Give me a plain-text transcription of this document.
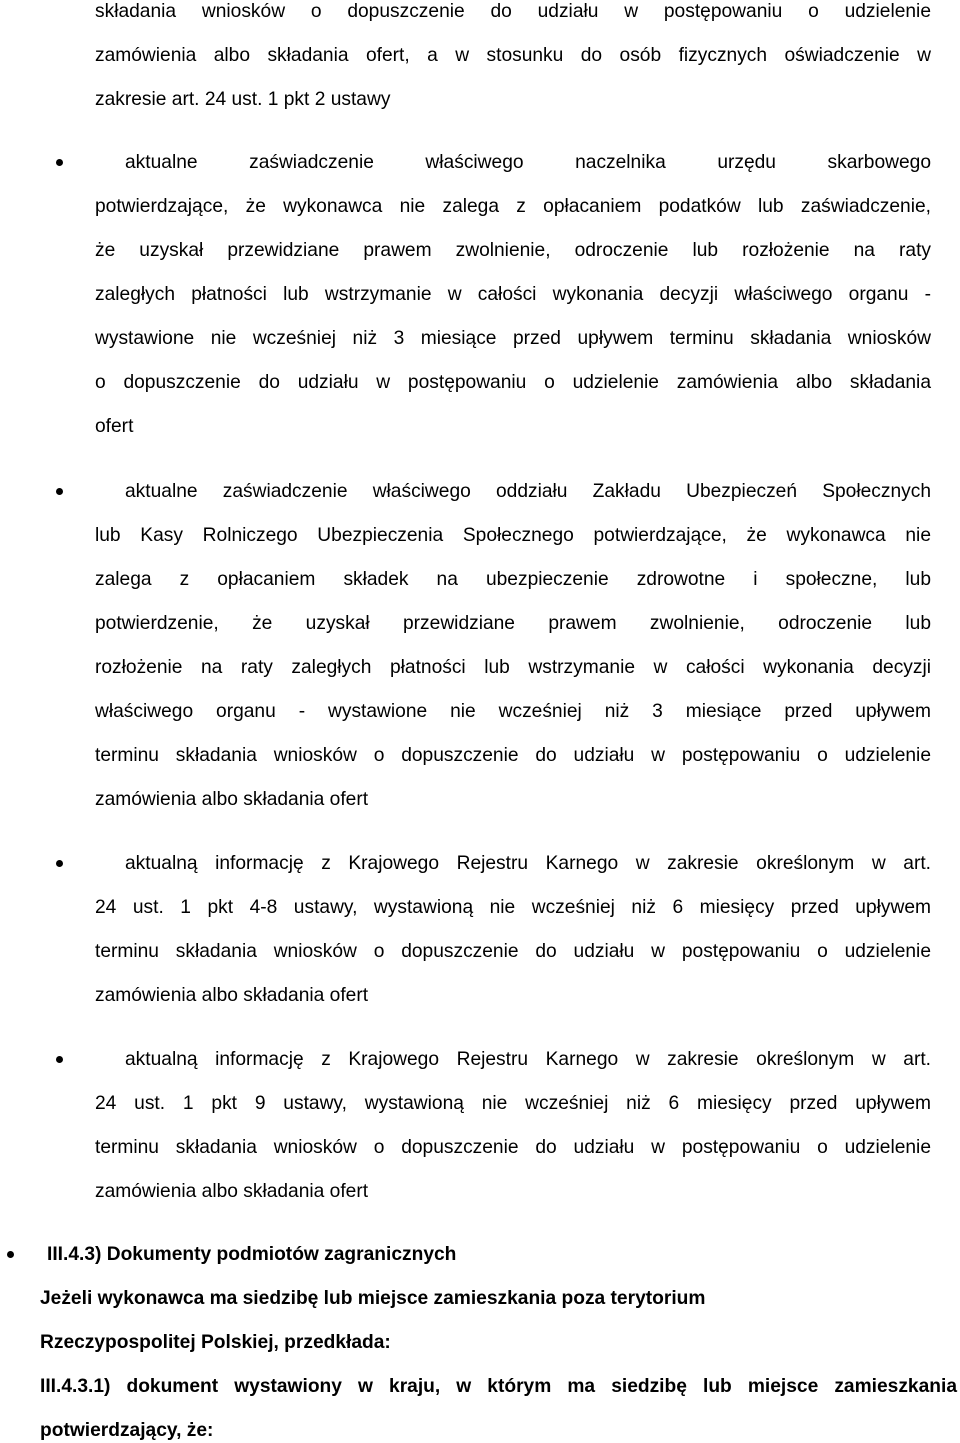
składania wniosków o dopuszczenie do udziału w postępowaniu o udzielenie

zamówienia albo składania ofert, a w stosunku do osób fizycznych oświadczenie w

zakresie art. 24 ust. 1 pkt 2 ustawy

aktualne zaświadczenie właściwego naczelnika urzędu skarbowego

potwierdzające, że wykonawca nie zalega z opłacaniem podatków lub zaświadczenie,

że uzyskał przewidziane prawem zwolnienie, odroczenie lub rozłożenie na raty

zaległych płatności lub wstrzymanie w całości wykonania decyzji właściwego organu -

wystawione nie wcześniej niż 3 miesiące przed upływem terminu składania wniosków

o dopuszczenie do udziału w postępowaniu o udzielenie zamówienia albo składania

ofert

aktualne zaświadczenie właściwego oddziału Zakładu Ubezpieczeń Społecznych

lub Kasy Rolniczego Ubezpieczenia Społecznego potwierdzające, że wykonawca nie

zalega z opłacaniem składek na ubezpieczenie zdrowotne i społeczne, lub

potwierdzenie, że uzyskał przewidziane prawem zwolnienie, odroczenie lub

rozłożenie na raty zaległych płatności lub wstrzymanie w całości wykonania decyzji

właściwego organu - wystawione nie wcześniej niż 3 miesiące przed upływem

terminu składania wniosków o dopuszczenie do udziału w postępowaniu o udzielenie

zamówienia albo składania ofert

aktualną informację z Krajowego Rejestru Karnego w zakresie określonym w art.

24 ust. 1 pkt 4-8 ustawy, wystawioną nie wcześniej niż 6 miesięcy przed upływem

terminu składania wniosków o dopuszczenie do udziału w postępowaniu o udzielenie

zamówienia albo składania ofert

aktualną informację z Krajowego Rejestru Karnego w zakresie określonym w art.

24 ust. 1 pkt 9 ustawy, wystawioną nie wcześniej niż 6 miesięcy przed upływem

terminu składania wniosków o dopuszczenie do udziału w postępowaniu o udzielenie

zamówienia albo składania ofert

III.4.3) Dokumenty podmiotów zagranicznych

Jeżeli wykonawca ma siedzibę lub miejsce zamieszkania poza terytorium

Rzeczypospolitej Polskiej, przedkłada:

III.4.3.1) dokument wystawiony w kraju, w którym ma siedzibę lub miejsce zamieszkania

potwierdzający, że:
